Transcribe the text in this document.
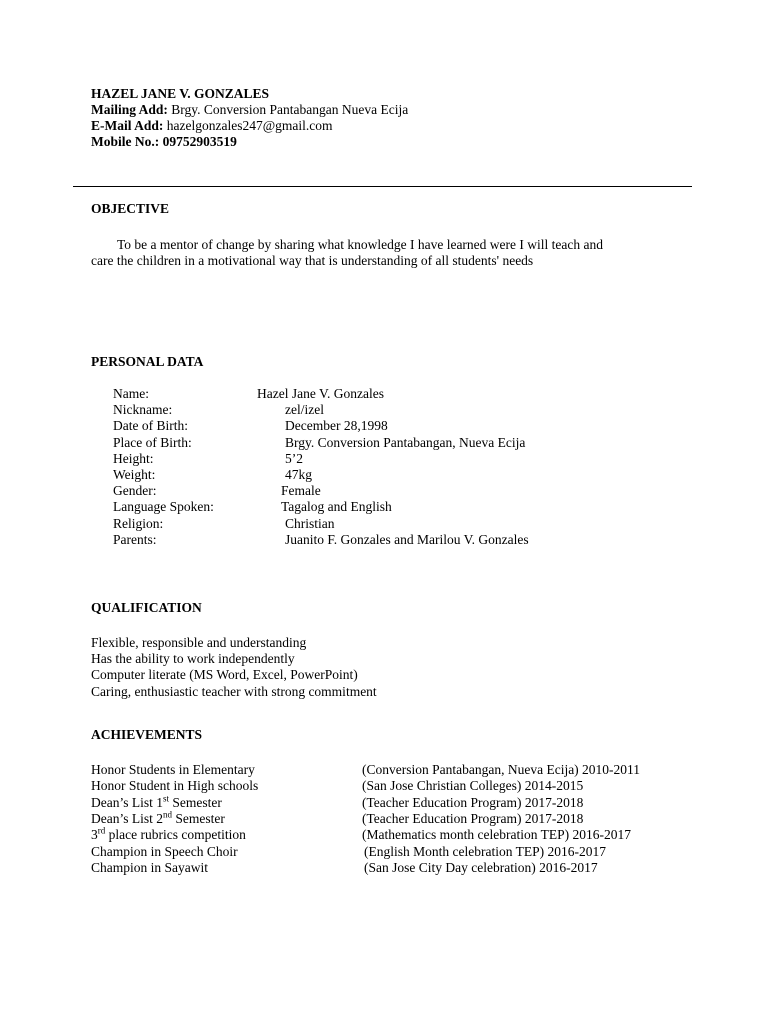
HAZEL JANE V. GONZALES
Mailing Add: Brgy. Conversion Pantabangan Nueva Ecija
E-Mail Add: hazelgonzales247@gmail.com
Mobile No.: 09752903519
OBJECTIVE
To be a mentor of change by sharing what knowledge I have learned were I will teach and
care the children in a motivational way that is understanding of all students' needs
PERSONAL DATA
Name:	Hazel Jane V. Gonzales
Nickname:	zel/izel
Date of Birth:	December 28,1998
Place of Birth:	Brgy. Conversion Pantabangan, Nueva Ecija
Height:	5’2
Weight:	47kg
Gender:	Female
Language Spoken:	Tagalog and English
Religion:	Christian
Parents:	Juanito F. Gonzales and Marilou V. Gonzales
QUALIFICATION
Flexible, responsible and understanding
Has the ability to work independently
Computer literate (MS Word, Excel, PowerPoint)
Caring, enthusiastic teacher with strong commitment
ACHIEVEMENTS
Honor Students in Elementary	(Conversion Pantabangan, Nueva Ecija) 2010-2011
Honor Student in High schools	(San Jose Christian Colleges) 2014-2015
Dean’s List 1st Semester	(Teacher Education Program) 2017-2018
Dean’s List 2nd Semester	(Teacher Education Program) 2017-2018
3rd place rubrics competition	(Mathematics month celebration TEP) 2016-2017
Champion in Speech Choir	(English Month celebration TEP) 2016-2017
Champion in Sayawit	(San Jose City Day celebration) 2016-2017
